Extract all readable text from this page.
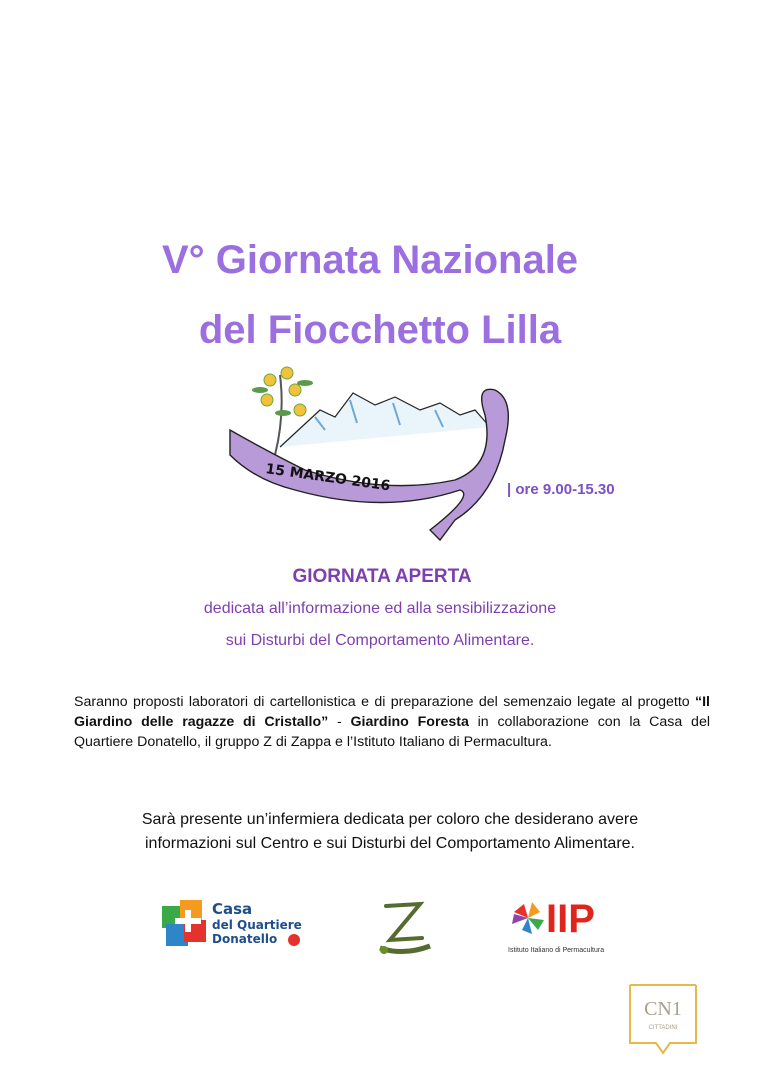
V° Giornata Nazionale
del Fiocchetto Lilla
15 MARZO 2016	| ore 9.00-15.30
GIORNATA APERTA
dedicata all’informazione ed alla sensibilizzazione
sui Disturbi del Comportamento Alimentare.
Saranno proposti laboratori di cartellonistica e di preparazione del semenzaio legate al progetto “Il Giardino delle ragazze di Cristallo” - Giardino Foresta in collaborazione con la Casa del Quartiere Donatello, il gruppo Z di Zappa e l’Istituto Italiano di Permacultura.
Sarà presente un’infermiera dedicata per coloro che desiderano avere
informazioni sul Centro e sui Disturbi del Comportamento Alimentare.
Casa
del Quartiere
Donatello	IIP
Istituto Italiano di Permacultura
CN1
CITTADINI
